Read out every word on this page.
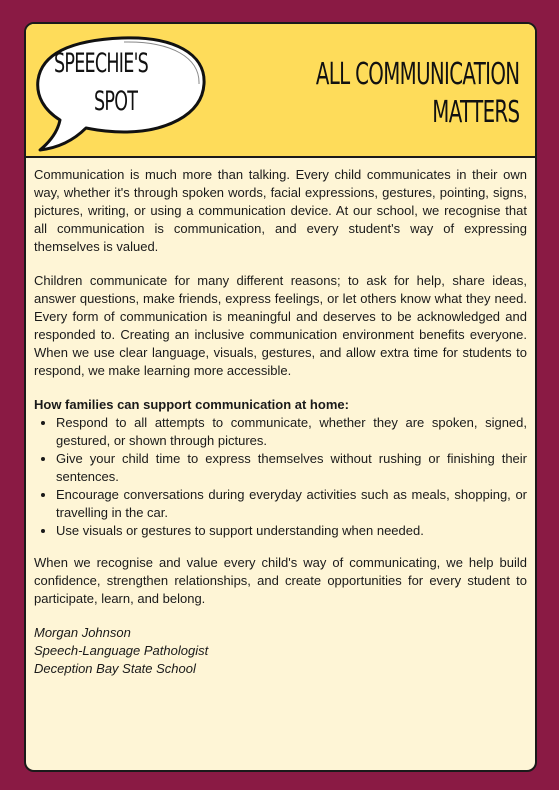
SPEECHIE'S
SPOT
ALL COMMUNICATION
MATTERS

Communication is much more than talking. Every child communicates in their own way, whether it's through spoken words, facial expressions, gestures, pointing, signs, pictures, writing, or using a communication device. At our school, we recognise that all communication is communication, and every student's way of expressing themselves is valued.

Children communicate for many different reasons; to ask for help, share ideas, answer questions, make friends, express feelings, or let others know what they need. Every form of communication is meaningful and deserves to be acknowledged and responded to. Creating an inclusive communication environment benefits everyone. When we use clear language, visuals, gestures, and allow extra time for students to respond, we make learning more accessible.

How families can support communication at home:
• Respond to all attempts to communicate, whether they are spoken, signed, gestured, or shown through pictures.
• Give your child time to express themselves without rushing or finishing their sentences.
• Encourage conversations during everyday activities such as meals, shopping, or travelling in the car.
• Use visuals or gestures to support understanding when needed.

When we recognise and value every child's way of communicating, we help build confidence, strengthen relationships, and create opportunities for every student to participate, learn, and belong.

Morgan Johnson
Speech-Language Pathologist
Deception Bay State School
